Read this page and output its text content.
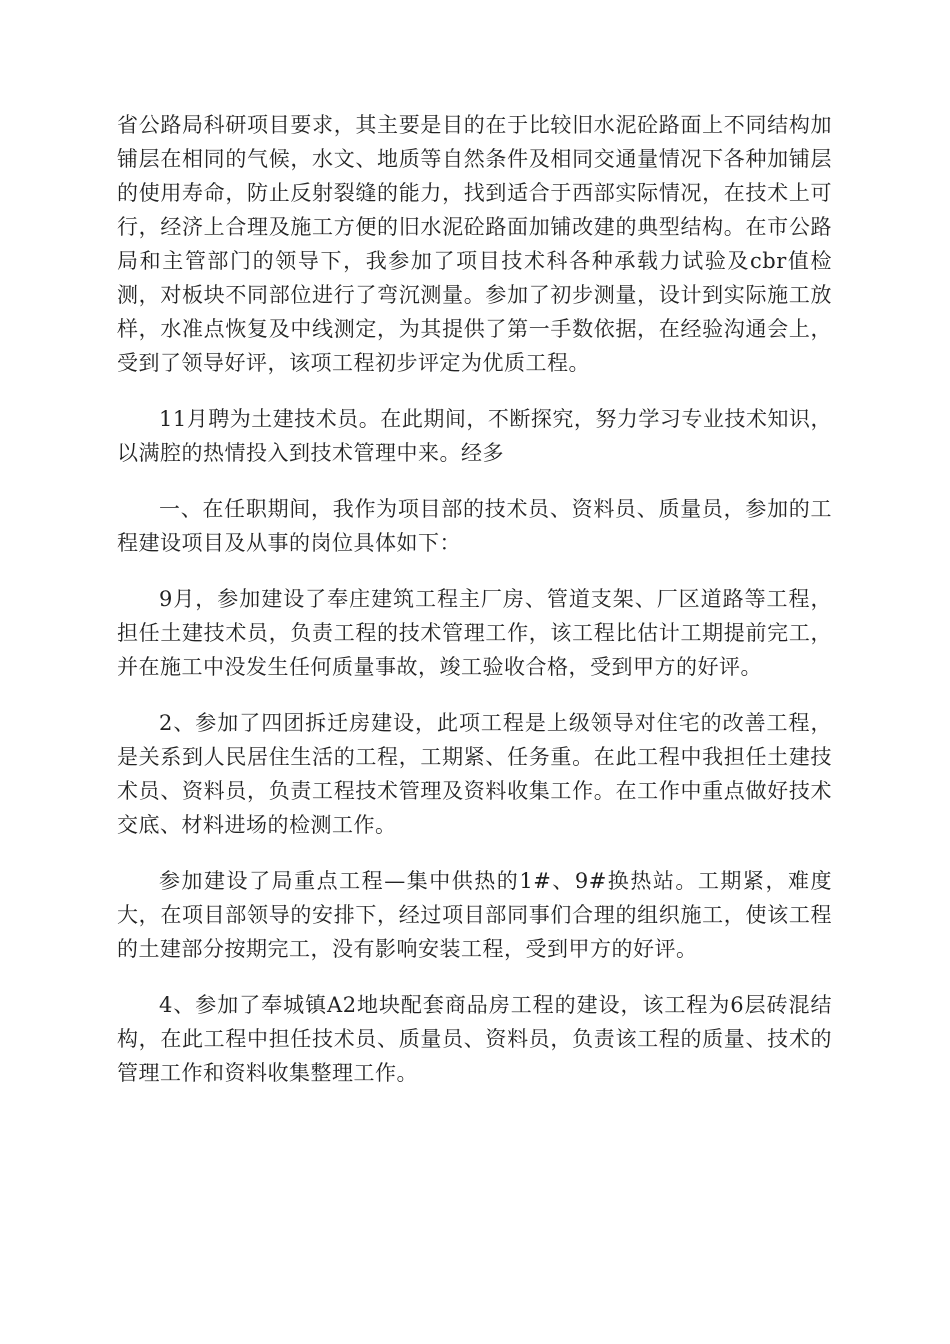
省公路局科研项目要求，其主要是目的在于比较旧水泥砼路面上不同结构加铺层在相同的气候，水文、地质等自然条件及相同交通量情况下各种加铺层的使用寿命，防止反射裂缝的能力，找到适合于西部实际情况，在技术上可行，经济上合理及施工方便的旧水泥砼路面加铺改建的典型结构。在市公路局和主管部门的领导下，我参加了项目技术科各种承载力试验及cbr值检测，对板块不同部位进行了弯沉测量。参加了初步测量，设计到实际施工放样，水准点恢复及中线测定，为其提供了第一手数依据，在经验沟通会上，受到了领导好评，该项工程初步评定为优质工程。

11月聘为土建技术员。在此期间，不断探究，努力学习专业技术知识，以满腔的热情投入到技术管理中来。经多

一、在任职期间，我作为项目部的技术员、资料员、质量员，参加的工程建设项目及从事的岗位具体如下：

9月，参加建设了奉庄建筑工程主厂房、管道支架、厂区道路等工程，担任土建技术员，负责工程的技术管理工作，该工程比估计工期提前完工，并在施工中没发生任何质量事故，竣工验收合格，受到甲方的好评。

2、参加了四团拆迁房建设，此项工程是上级领导对住宅的改善工程，是关系到人民居住生活的工程，工期紧、任务重。在此工程中我担任土建技术员、资料员，负责工程技术管理及资料收集工作。在工作中重点做好技术交底、材料进场的检测工作。

参加建设了局重点工程—集中供热的1#、9#换热站。工期紧，难度大，在项目部领导的安排下，经过项目部同事们合理的组织施工，使该工程的土建部分按期完工，没有影响安装工程，受到甲方的好评。

4、参加了奉城镇A2地块配套商品房工程的建设，该工程为6层砖混结构，在此工程中担任技术员、质量员、资料员，负责该工程的质量、技术的管理工作和资料收集整理工作。
